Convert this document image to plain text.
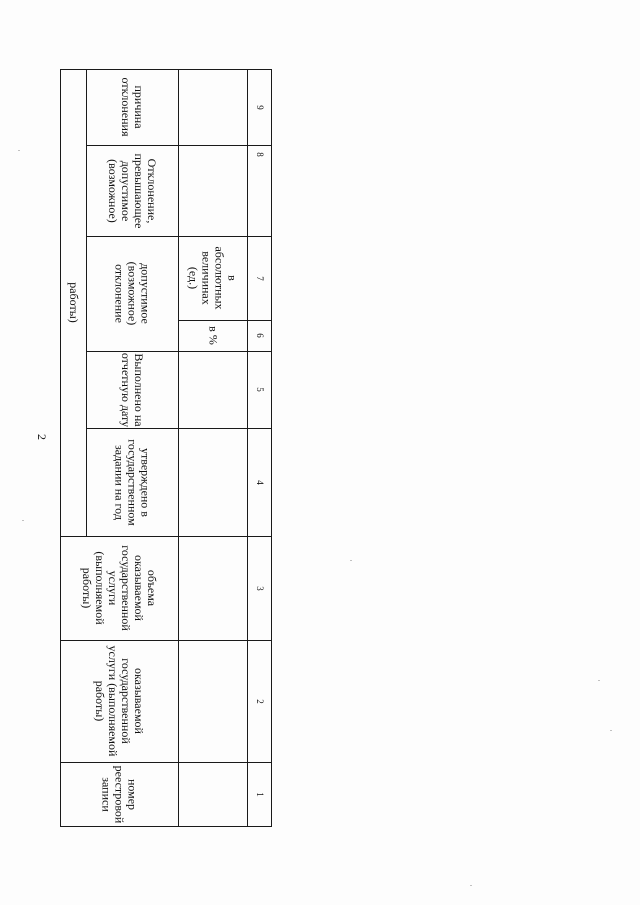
2
номер реестровой записи
оказываемой государственной услуги (выполняемой работы)
объема оказываемой государственной услуги (выполняемой работы)
работы)
утверждено в государственном задании на год
Выполнено на отчетную дату
допустимое (возможное) отклонение
в %
в абсолютных величинах (ед.)
Отклонение, превышающее допустимое (возможное)
причина отклонения
1
2
3
4
5
6
7
8
9
